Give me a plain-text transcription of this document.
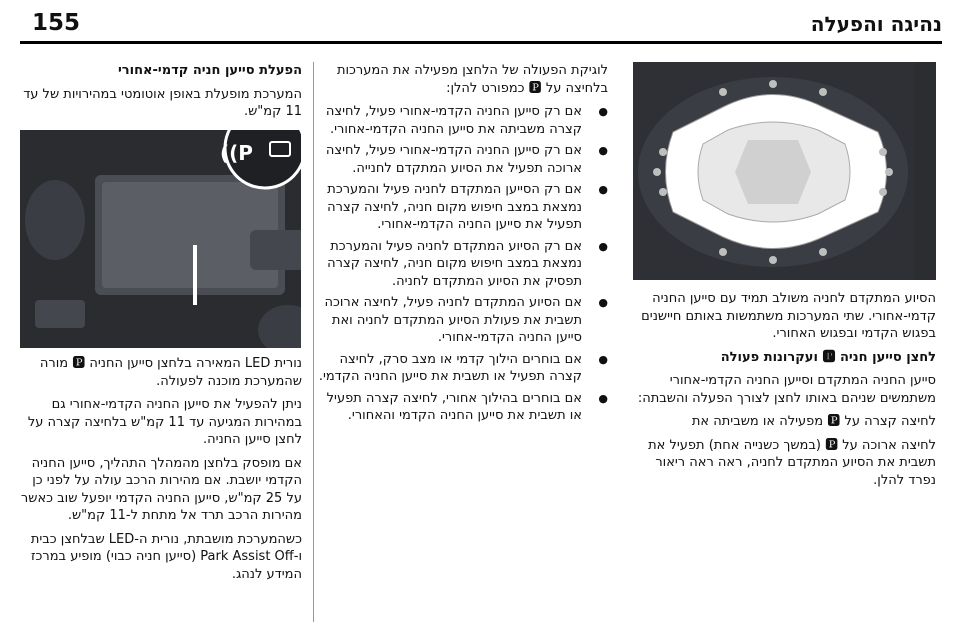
155	נהיגה והפעלה
((P

הסיוע המתקדם לחניה משולב תמיד עם סייען החניה קדמי-אחורי. שתי המערכות משתמשות באותם חיישנים בפגוש הקדמי ובפגוש האחורי.

לחצן סייען חניה 🅿 ועקרונות פעולה

סייען החניה המתקדם וסייען החניה הקדמי-אחורי משתמשים שניהם באותו לחצן לצורך הפעלה והשבתה:

לחיצה קצרה על 🅿 מפעילה או משביתה את

לחיצה ארוכה על 🅿 (במשך כשנייה אחת) תפעיל את תשבית את הסיוע המתקדם לחניה, ראה ראה ריאור נפרד להלן.

לוגיקת הפעולה של הלחצן מפעילה את המערכות בלחיצה על 🅿 כמפורט להלן:

● אם רק סייען החניה הקדמי-אחורי פעיל, לחיצה קצרה משביתה את סייען החניה הקדמי-אחורי.
● אם רק סייען החניה הקדמי-אחורי פעיל, לחיצה ארוכה תפעיל את הסיוע המתקדם לחנייה.
● אם רק הסייען המתקדם לחניה פעיל והמערכת נמצאת במצב חיפוש מקום חניה, לחיצה קצרה תפעיל את סייען החניה הקדמי-אחורי.
● אם רק הסיוע המתקדם לחניה פעיל והמערכת נמצאת במצב חיפוש מקום חניה, לחיצה קצרה תפסיק את הסיוע המתקדם לחניה.
● אם הסיוע המתקדם לחניה פעיל, לחיצה ארוכה תשבית את פעולת הסיוע המתקדם לחניה ואת סייען החניה הקדמי-אחורי.
● אם בוחרים הילוך קדמי או מצב סרק, לחיצה קצרה תפעיל או תשבית את סייען החניה הקדמי.
● אם בוחרים בהילוך אחורי, לחיצה קצרה תפעיל או תשבית את סייען החניה הקדמי והאחורי.

הפעלת סייען חניה קדמי-אחורי

המערכת מופעלת באופן אוטומטי במהירויות של עד 11 קמ"ש.

נורית LED המאירה בלחצן סייען החניה 🅿 מורה שהמערכת מוכנה לפעולה.

ניתן להפעיל את סייען החניה הקדמי-אחורי גם במהירות המגיעה עד 11 קמ"ש בלחיצה קצרה על לחצן סייען החניה.

אם מופסק בלחצן מהמהלך התהליך, סייען החניה הקדמי יושבת. אם מהירות הרכב עולה על לפני כן על 25 קמ"ש, סייען החניה הקדמי יופעל שוב כאשר מהירות הרכב תרד אל מתחת ל-11 קמ"ש.

כשהמערכת מושבתת, נורית ה-LED שבלחצן כבית ו-Park Assist Off (סייען חניה כבוי) מופיע במרכז המידע לנהג.
